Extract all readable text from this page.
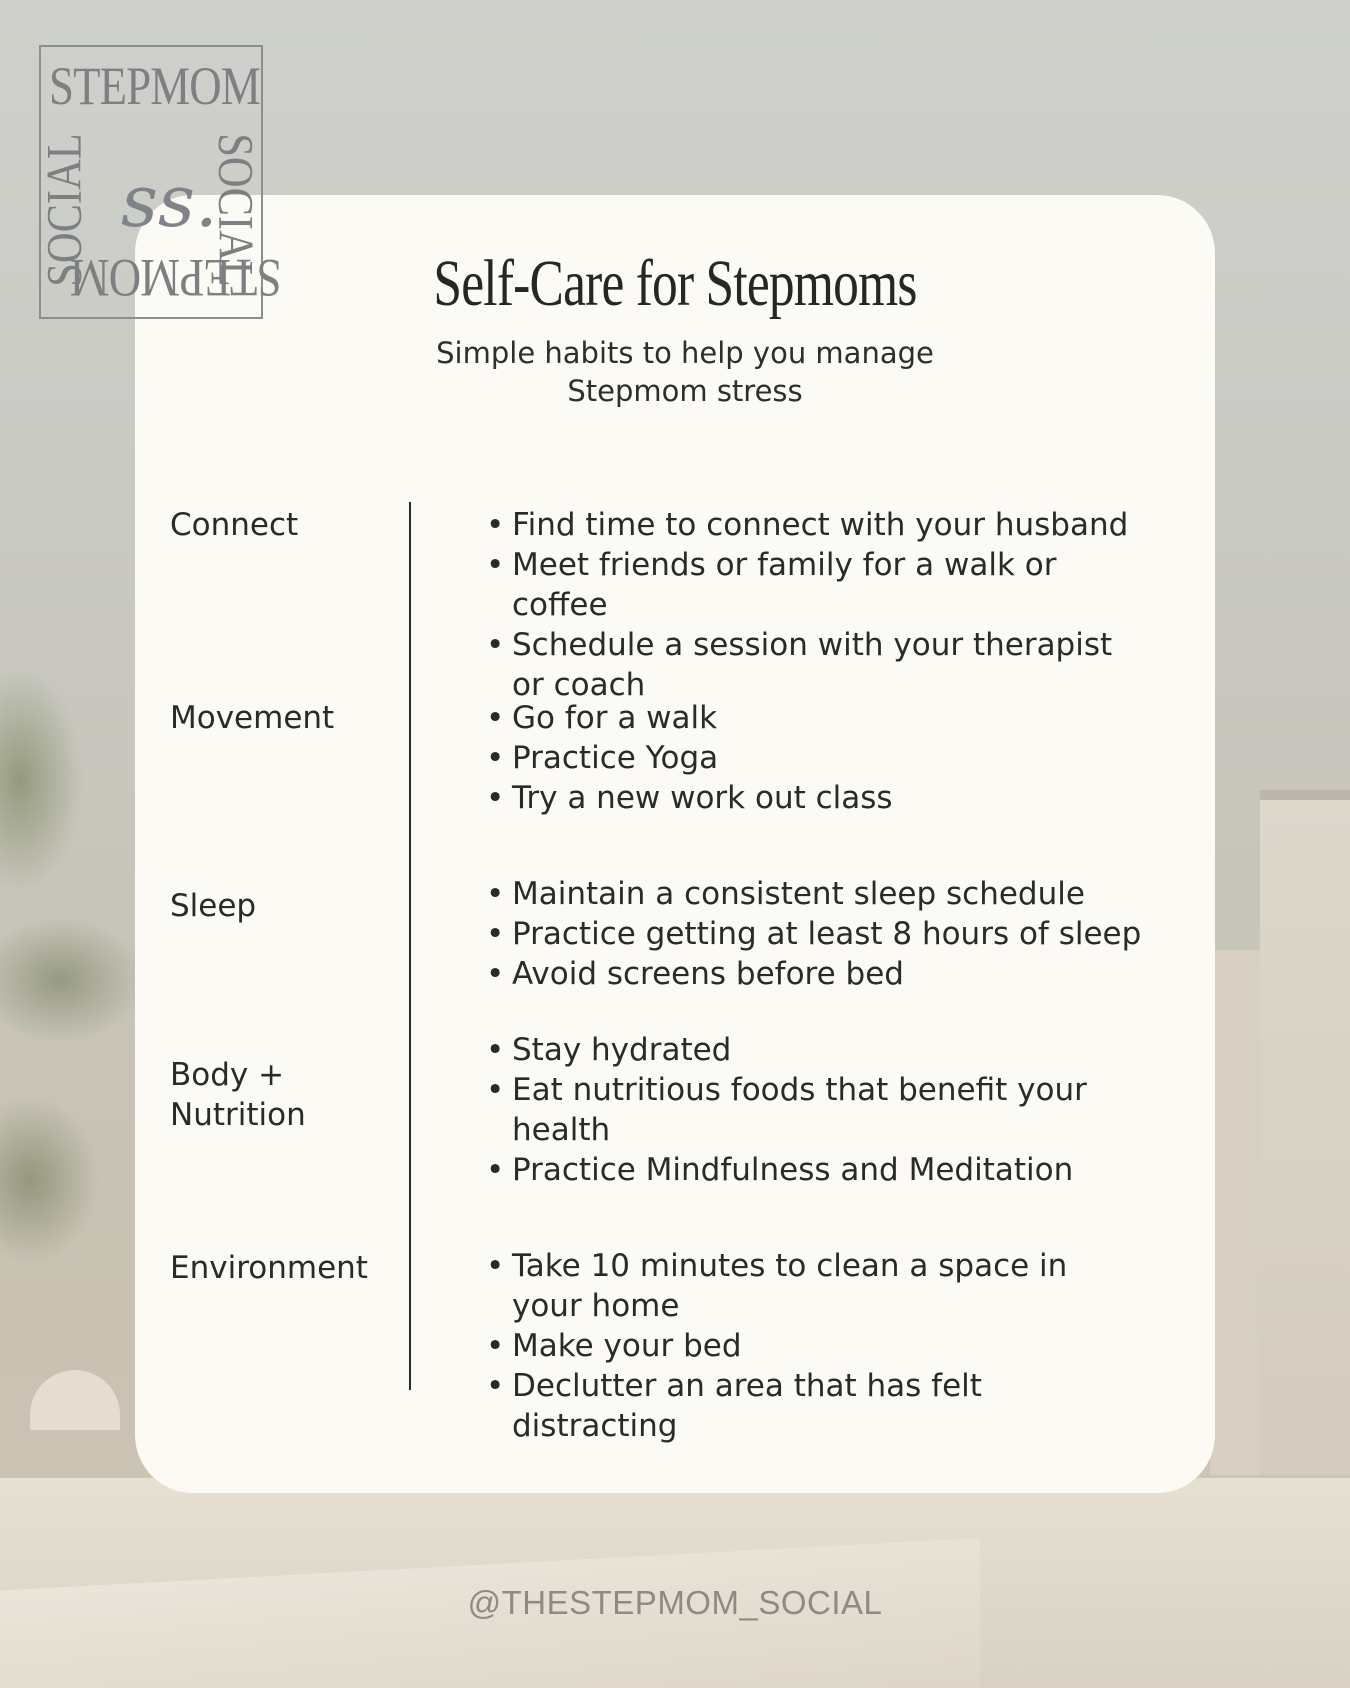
STEPMOM
SOCIAL ss.
SOCIAL
STEPMOM	Self-Care for Stepmoms
Simple habits to help you manage
Stepmom stress
Connect	• Find time to connect with your husband
• Meet friends or family for a walk or coffee
• Schedule a session with your therapist or coach
Movement	• Go for a walk
• Practice Yoga
• Try a new work out class
Sleep	• Maintain a consistent sleep schedule
• Practice getting at least 8 hours of sleep
• Avoid screens before bed
Body +
Nutrition
• Stay hydrated
• Eat nutritious foods that benefit your health
• Practice Mindfulness and Meditation
Environment	• Take 10 minutes to clean a space in your home
• Make your bed
• Declutter an area that has felt distracting
@THESTEPMOM_SOCIAL
